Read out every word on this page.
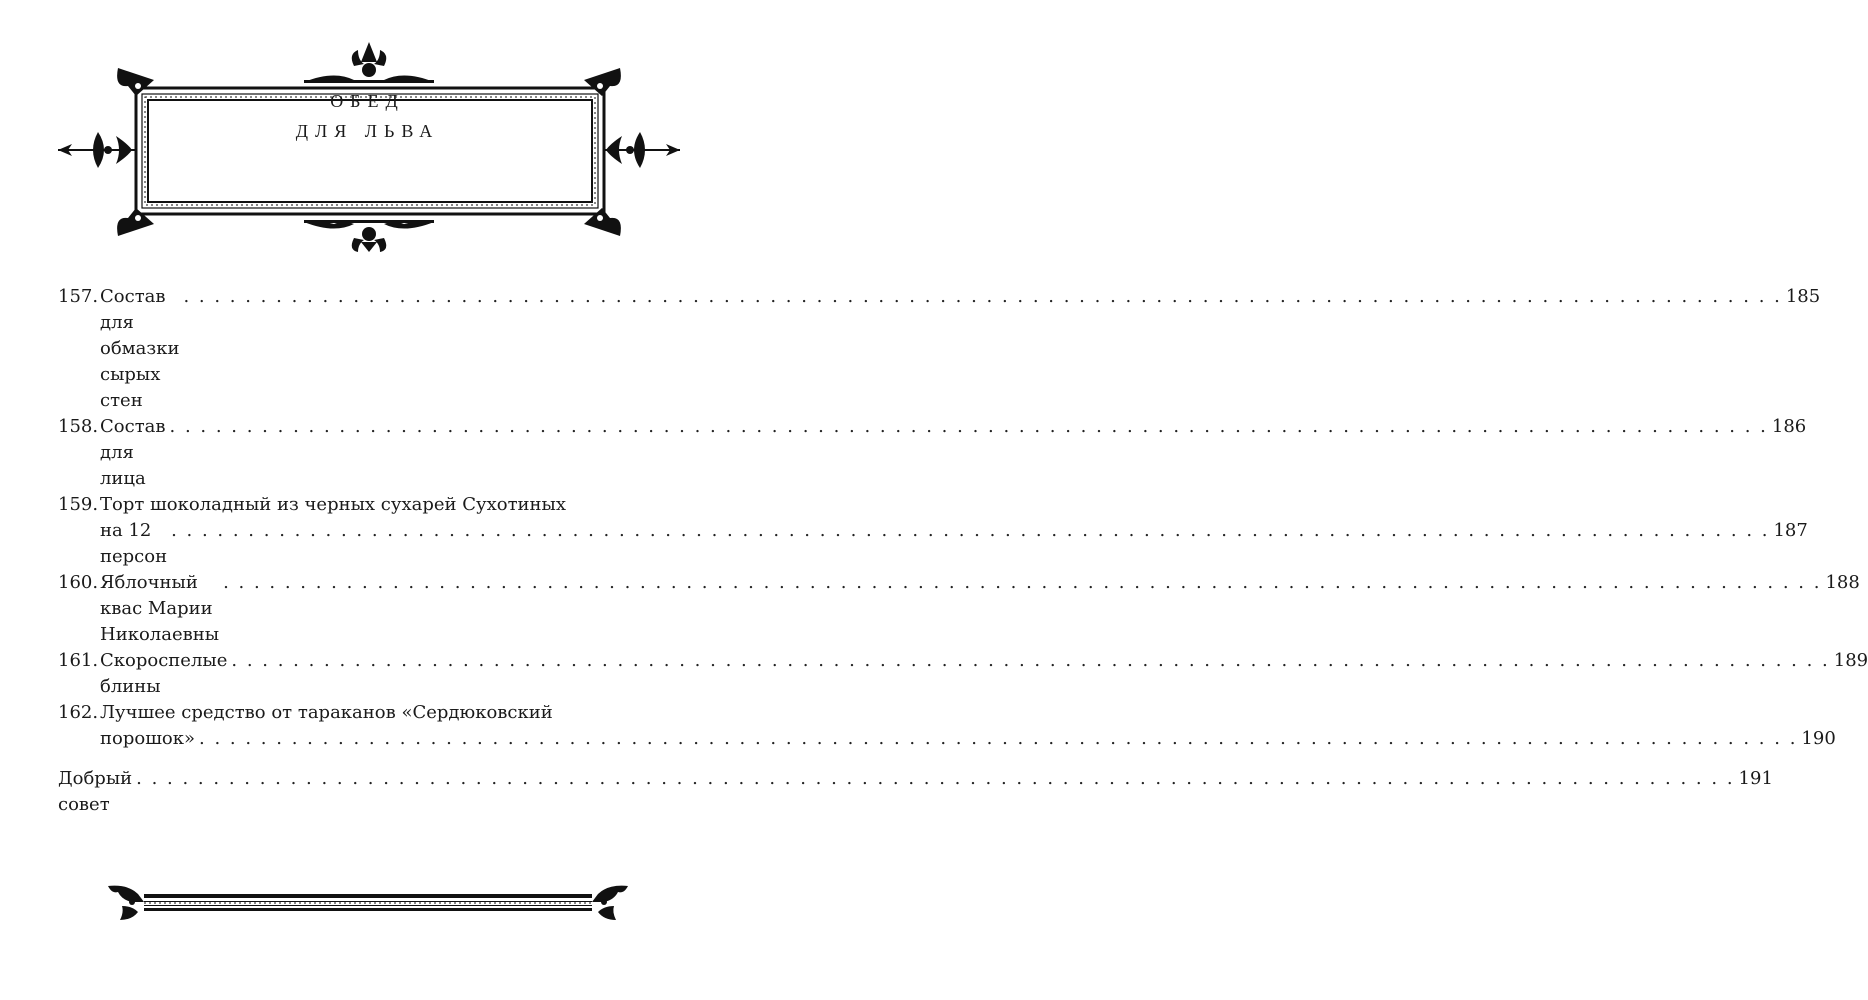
ОБЕД
ДЛЯ ЛЬВА
157. Состав для обмазки сырых стен
. . .
185
158. Состав для лица
. . .
186
159. Торт шоколадный из черных сухарей Сухотиных
на 12 персон
. . .
187
160. Яблочный квас Марии Николаевны
. . .
188
161. Скороспелые блины
. . .
189
162. Лучшее средство от тараканов «Сердюковский
порошок»
. . .	190
Добрый совет
. . .
191
